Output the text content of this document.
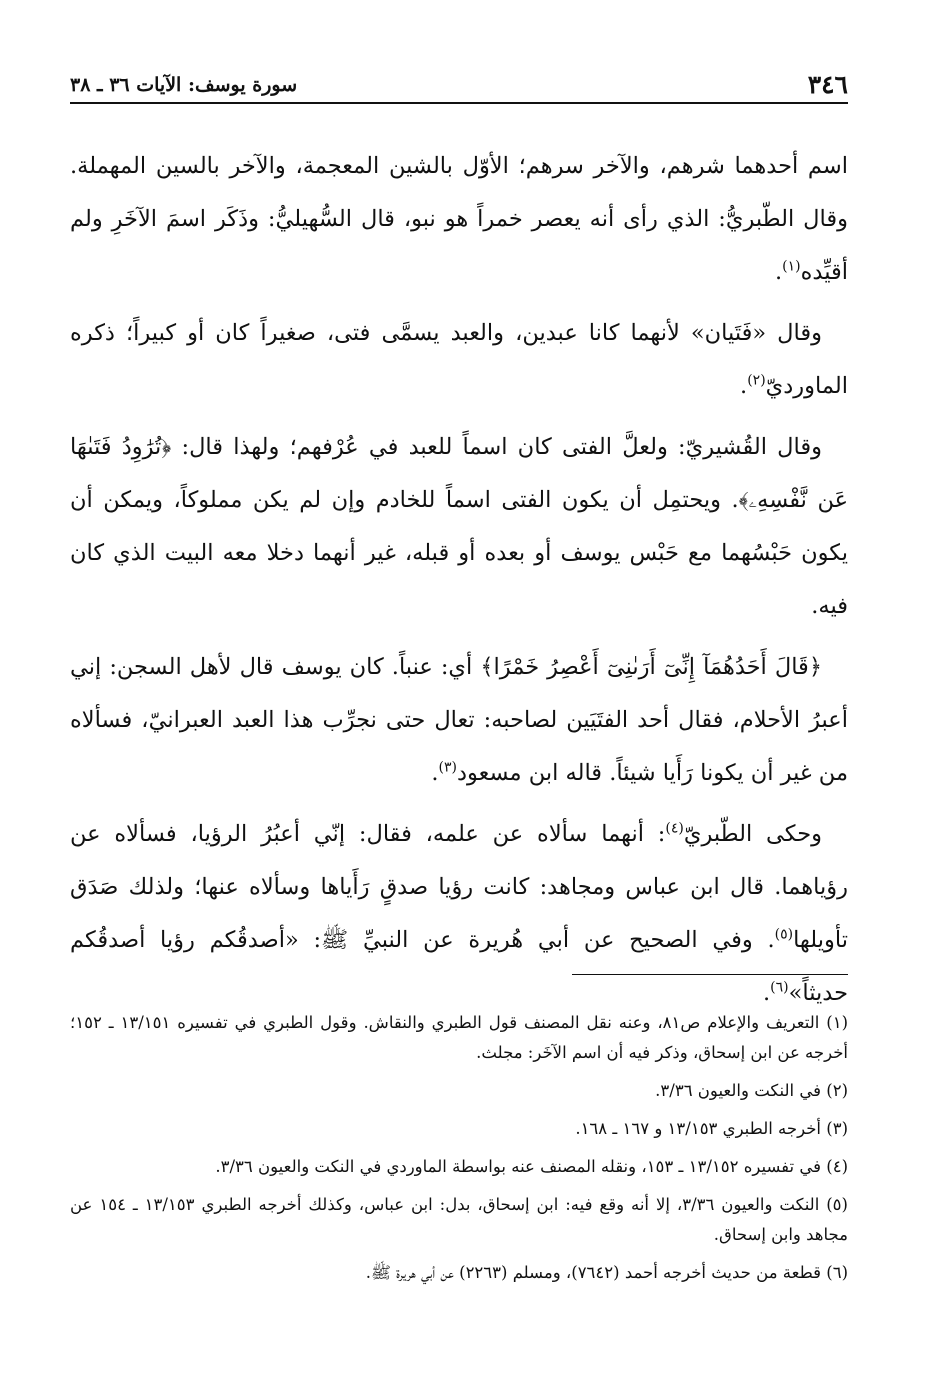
٣٤٦
سورة يوسف: الآيات ٣٦ ـ ٣٨

اسم أحدهما شرهم، والآخر سرهم؛ الأوّل بالشين المعجمة، والآخر بالسين المهملة. وقال الطّبريُّ: الذي رأى أنه يعصر خمراً هو نبو، قال السُّهيليُّ: وذَكَر اسمَ الآخَرِ ولم أقيِّده$^{(١)}$.

وقال «فَتَيان» لأنهما كانا عبدين، والعبد يسمَّى فتى، صغيراً كان أو كبيراً؛ ذكره الماورديّ$^{(٢)}$.

وقال القُشيريّ: ولعلَّ الفتى كان اسماً للعبد في عُرْفهم؛ ولهذا قال: ﴿تُرَٰوِدُ فَتَىٰهَا عَن نَّفْسِهِۦ﴾. ويحتمِل أن يكون الفتى اسماً للخادم وإن لم يكن مملوكاً، ويمكن أن يكون حَبْسُهما مع حَبْس يوسف أو بعده أو قبله، غير أنهما دخلا معه البيت الذي كان فيه.

﴿قَالَ أَحَدُهُمَآ إِنِّىٓ أَرَىٰنِىٓ أَعْصِرُ خَمْرًا﴾ أي: عنباً. كان يوسف قال لأهل السجن: إني أعبرُ الأحلام، فقال أحد الفتَيَين لصاحبه: تعال حتى نجرِّب هذا العبد العبرانيّ، فسألاه من غير أن يكونا رَأَيا شيئاً. قاله ابن مسعود$^{(٣)}$.

وحكى الطّبريّ$^{(٤)}$: أنهما سألاه عن علمه، فقال: إنّي أعبُرُ الرؤيا، فسألاه عن رؤياهما. قال ابن عباس ومجاهد: كانت رؤيا صدقٍ رَأَياها وسألاه عنها؛ ولذلك صَدَق تأويلها$^{(٥)}$. وفي الصحيح عن أبي هُريرة عن النبيِّ ﷺ: «أصدقُكم رؤيا أصدقُكم حديثاً»$^{(٦)}$.

(١) التعريف والإعلام ص٨١، وعنه نقل المصنف قول الطبري والنقاش. وقول الطبري في تفسيره ١٣/١٥١ ـ ١٥٢؛ أخرجه عن ابن إسحاق، وذكر فيه أن اسم الآخَر: مجلث.

(٢) في النكت والعيون ٣/٣٦.

(٣) أخرجه الطبري ١٣/١٥٣ و ١٦٧ ـ ١٦٨.

(٤) في تفسيره ١٣/١٥٢ ـ ١٥٣، ونقله المصنف عنه بواسطة الماوردي في النكت والعيون ٣/٣٦.

(٥) النكت والعيون ٣/٣٦، إلا أنه وقع فيه: ابن إسحاق، بدل: ابن عباس، وكذلك أخرجه الطبري ١٣/١٥٣ ـ ١٥٤ عن مجاهد وابن إسحاق.

(٦) قطعة من حديث أخرجه أحمد (٧٦٤٢)، ومسلم (٢٢٦٣) عن أبي هريرة ﷺ.
